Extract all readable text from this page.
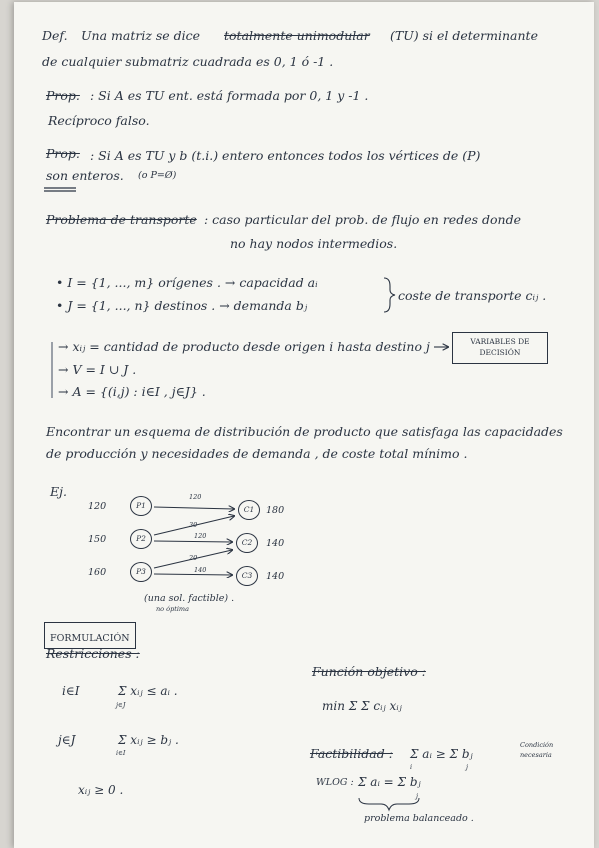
Def. Una matriz se dice totalmente unimodular (TU) si el determinante
de cualquier submatriz cuadrada es 0, 1 ó -1 .
Prop. : Si A es TU ent. está formada por 0, 1 y -1 .
Recíproco falso.
Prop. : Si A es TU y b (t.i.) entero entonces todos los vértices de (P)
son enteros. (o P=Ø)
Problema de transporte : caso particular del prob. de flujo en redes donde
no hay nodos intermedios.
• I = {1, ..., m} orígenes . → capacidad aᵢ
• J = {1, ..., n} destinos . → demanda bⱼ
coste de transporte cᵢⱼ .
→ xᵢⱼ = cantidad de producto desde origen i hasta destino j
→ V = I ∪ J .
→ A = {(i,j) : i∈I , j∈J} .
VARIABLES DE
DECISIÓN
Encontrar un esquema de distribución de producto que satisfaga las capacidades
de producción y necesidades de demanda , de coste total mínimo .
Ej.
120
150
160
P1
P2
P3
C1
C2
C3
180
140
140
120
30
120
20
140
(una sol. factible) .
no óptima
FORMULACIÓN
Restricciones :
i∈I	Σ xᵢⱼ ≤ aᵢ .
j∈J
j∈J	Σ xᵢⱼ ≥ bⱼ .
i∈I
xᵢⱼ ≥ 0 .
Función objetivo :
min Σ Σ cᵢⱼ xᵢⱼ
Factibilidad : Σ aᵢ ≥ Σ bⱼ
i	j
Condición
necesaria
WLOG : Σ aᵢ = Σ bⱼ
j
problema balanceado .
